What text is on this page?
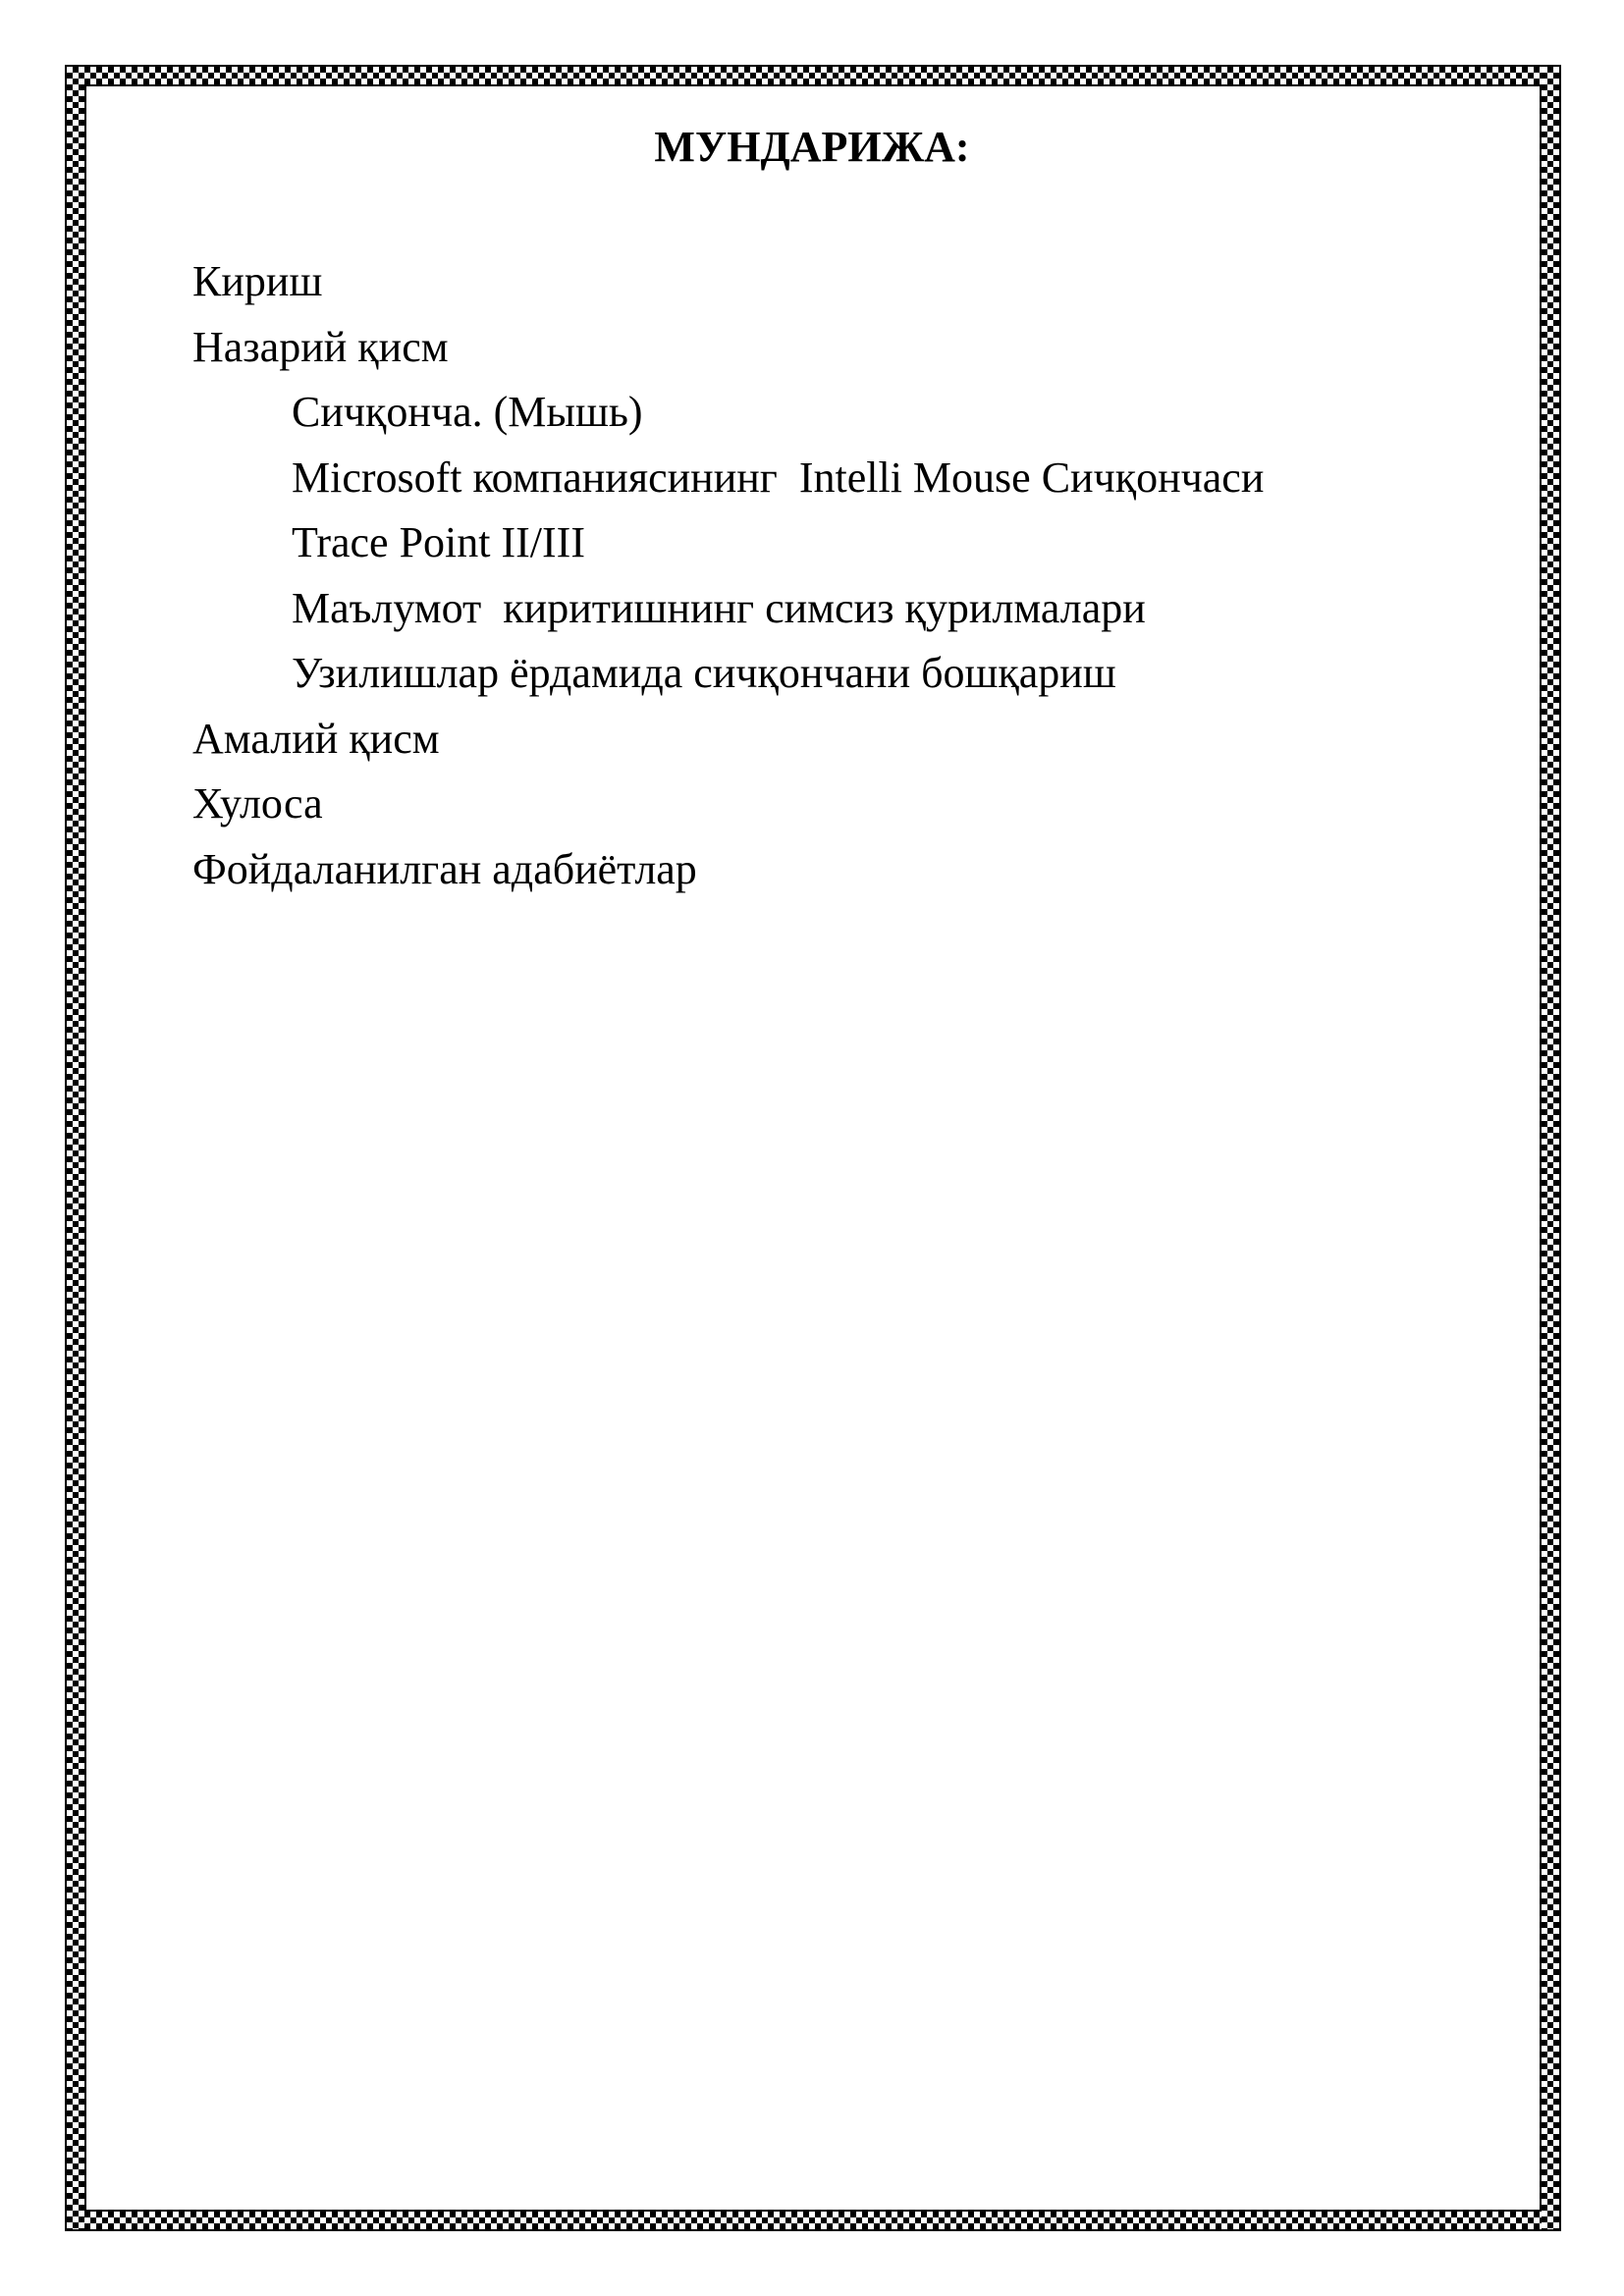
МУНДАРИЖА:
Кириш
Назарий қисм
Сичқонча. (Мышь)
Microsoft компаниясининг  Intelli Mouse Сичқончаси
Trace Point II/III
Маълумот  киритишнинг симсиз қурилмалари
Узилишлар ёрдамида сичқончани бошқариш
Амалий қисм
Хулоса
Фойдаланилган адабиётлар
